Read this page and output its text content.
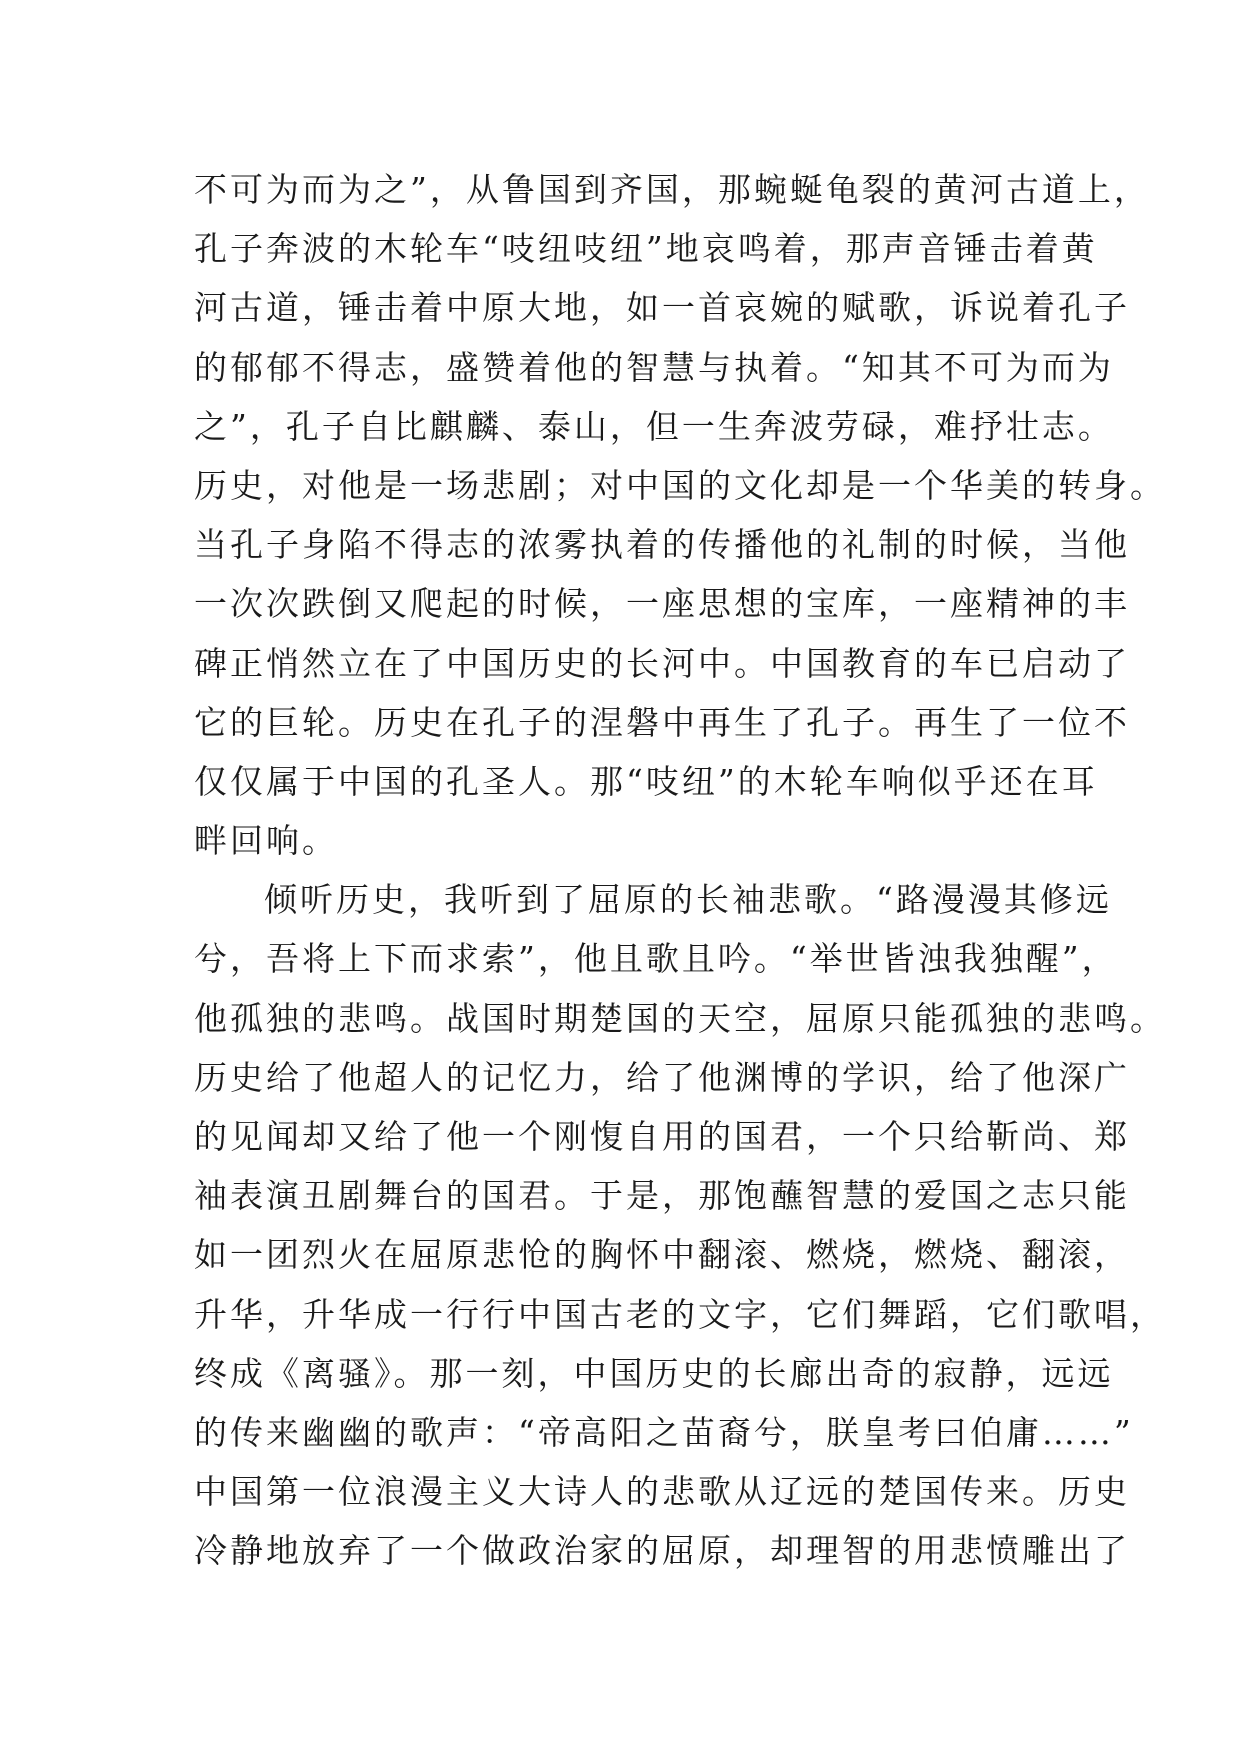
不可为而为之”，从鲁国到齐国，那蜿蜒龟裂的黄河古道上，
孔子奔波的木轮车“吱纽吱纽”地哀鸣着，那声音锤击着黄
河古道，锤击着中原大地，如一首哀婉的赋歌，诉说着孔子
的郁郁不得志，盛赞着他的智慧与执着。“知其不可为而为
之”，孔子自比麒麟、泰山，但一生奔波劳碌，难抒壮志。
历史，对他是一场悲剧；对中国的文化却是一个华美的转身。
当孔子身陷不得志的浓雾执着的传播他的礼制的时候，当他
一次次跌倒又爬起的时候，一座思想的宝库，一座精神的丰
碑正悄然立在了中国历史的长河中。中国教育的车已启动了
它的巨轮。历史在孔子的涅磐中再生了孔子。再生了一位不
仅仅属于中国的孔圣人。那“吱纽”的木轮车响似乎还在耳
畔回响。
倾听历史，我听到了屈原的长袖悲歌。“路漫漫其修远
兮，吾将上下而求索”，他且歌且吟。“举世皆浊我独醒”，
他孤独的悲鸣。战国时期楚国的天空，屈原只能孤独的悲鸣。
历史给了他超人的记忆力，给了他渊博的学识，给了他深广
的见闻却又给了他一个刚愎自用的国君，一个只给靳尚、郑
袖表演丑剧舞台的国君。于是，那饱蘸智慧的爱国之志只能
如一团烈火在屈原悲怆的胸怀中翻滚、燃烧，燃烧、翻滚，
升华，升华成一行行中国古老的文字，它们舞蹈，它们歌唱，
终成《离骚》。那一刻，中国历史的长廊出奇的寂静，远远
的传来幽幽的歌声：“帝高阳之苗裔兮，朕皇考曰伯庸……”
中国第一位浪漫主义大诗人的悲歌从辽远的楚国传来。历史
冷静地放弃了一个做政治家的屈原，却理智的用悲愤雕出了
